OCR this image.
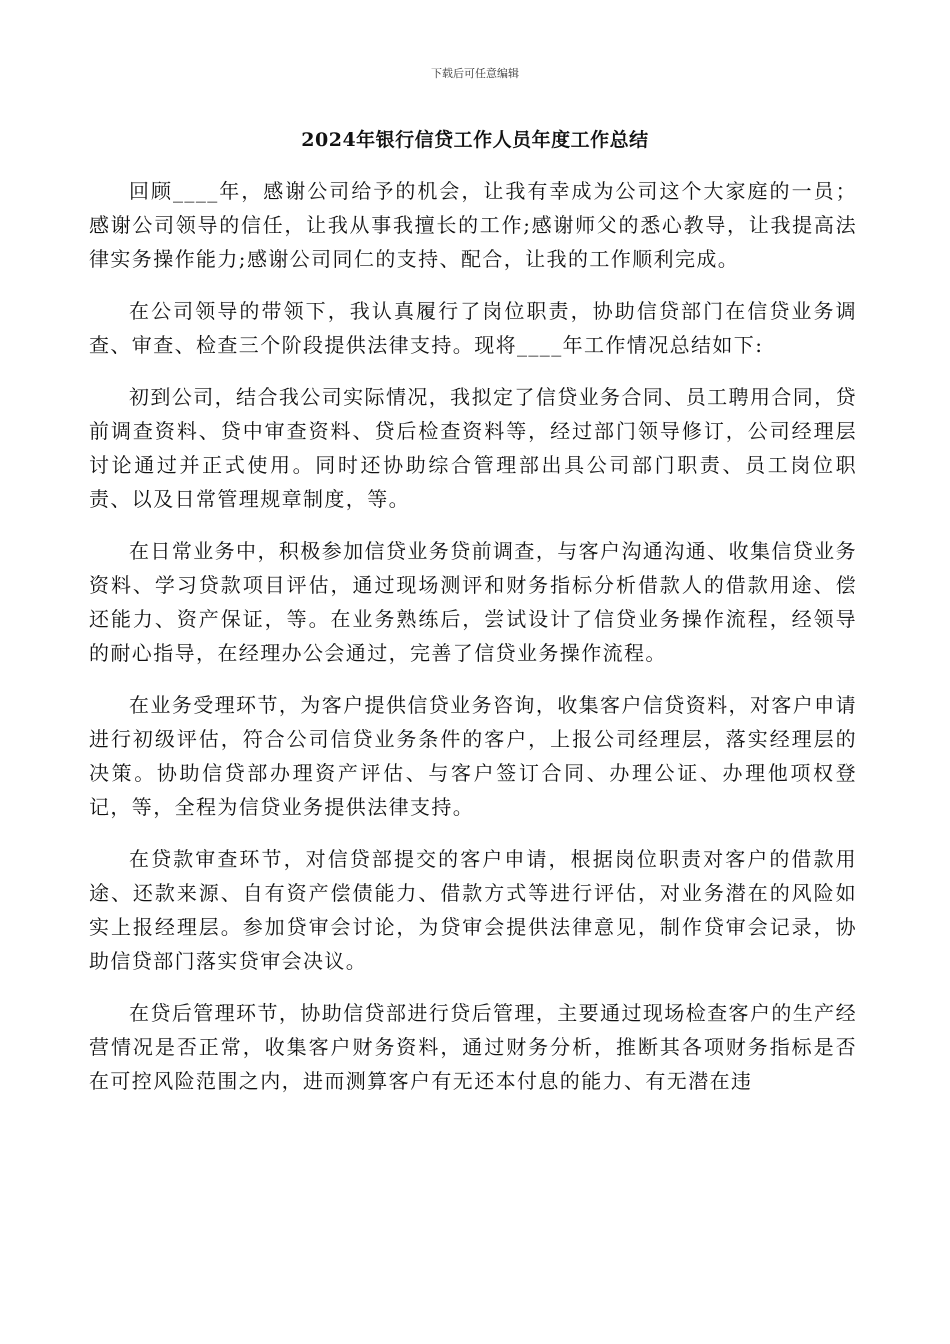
下载后可任意编辑
2024年银行信贷工作人员年度工作总结

回顾____年，感谢公司给予的机会，让我有幸成为公司这个大家庭的一员；感谢公司领导的信任，让我从事我擅长的工作;感谢师父的悉心教导，让我提高法律实务操作能力;感谢公司同仁的支持、配合，让我的工作顺利完成。

在公司领导的带领下，我认真履行了岗位职责，协助信贷部门在信贷业务调查、审查、检查三个阶段提供法律支持。现将____年工作情况总结如下:

初到公司，结合我公司实际情况，我拟定了信贷业务合同、员工聘用合同，贷前调查资料、贷中审查资料、贷后检查资料等，经过部门领导修订，公司经理层讨论通过并正式使用。同时还协助综合管理部出具公司部门职责、员工岗位职责、以及日常管理规章制度，等。

在日常业务中，积极参加信贷业务贷前调查，与客户沟通沟通、收集信贷业务资料、学习贷款项目评估，通过现场测评和财务指标分析借款人的借款用途、偿还能力、资产保证，等。在业务熟练后，尝试设计了信贷业务操作流程，经领导的耐心指导，在经理办公会通过，完善了信贷业务操作流程。

在业务受理环节，为客户提供信贷业务咨询，收集客户信贷资料，对客户申请进行初级评估，符合公司信贷业务条件的客户，上报公司经理层，落实经理层的决策。协助信贷部办理资产评估、与客户签订合同、办理公证、办理他项权登记，等，全程为信贷业务提供法律支持。

在贷款审查环节，对信贷部提交的客户申请，根据岗位职责对客户的借款用途、还款来源、自有资产偿债能力、借款方式等进行评估，对业务潜在的风险如实上报经理层。参加贷审会讨论，为贷审会提供法律意见，制作贷审会记录，协助信贷部门落实贷审会决议。

在贷后管理环节，协助信贷部进行贷后管理，主要通过现场检查客户的生产经营情况是否正常，收集客户财务资料，通过财务分析，推断其各项财务指标是否在可控风险范围之内，进而测算客户有无还本付息的能力、有无潜在违
